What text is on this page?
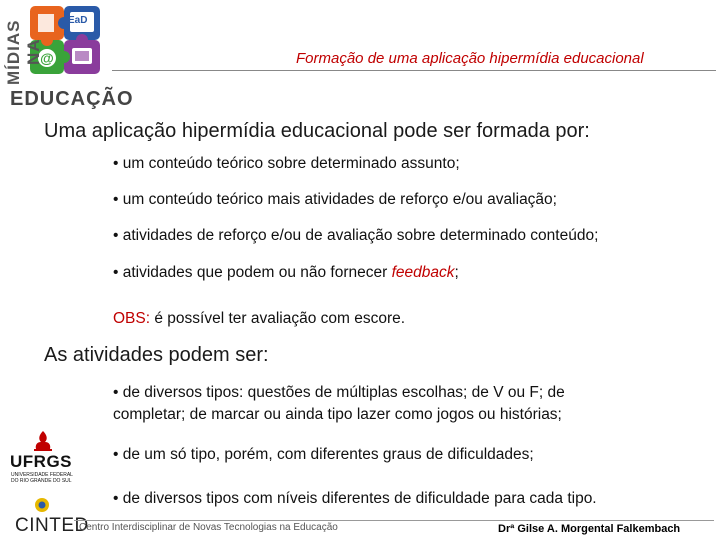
@
MÍDIAS NA
EaD
EDUCAÇÃO
Formação de uma aplicação hipermídia educacional
Uma aplicação hipermídia educacional pode ser formada por:
• um conteúdo teórico sobre determinado assunto;
• um conteúdo teórico mais atividades de reforço e/ou avaliação;
• atividades de reforço e/ou de avaliação sobre determinado conteúdo;
• atividades que podem ou não fornecer feedback;
OBS: é possível ter avaliação com escore.
As atividades podem ser:
• de diversos tipos: questões de múltiplas escolhas; de V ou F; de
completar; de marcar ou ainda tipo lazer como jogos ou histórias;
• de um só tipo, porém, com diferentes graus de dificuldades;
• de diversos tipos com níveis diferentes de dificuldade para cada tipo.
UFRGS
UNIVERSIDADE FEDERAL DO RIO GRANDE DO SUL
CINTED
Centro Interdisciplinar de Novas Tecnologias na Educação	Drª Gilse A. Morgental Falkembach
